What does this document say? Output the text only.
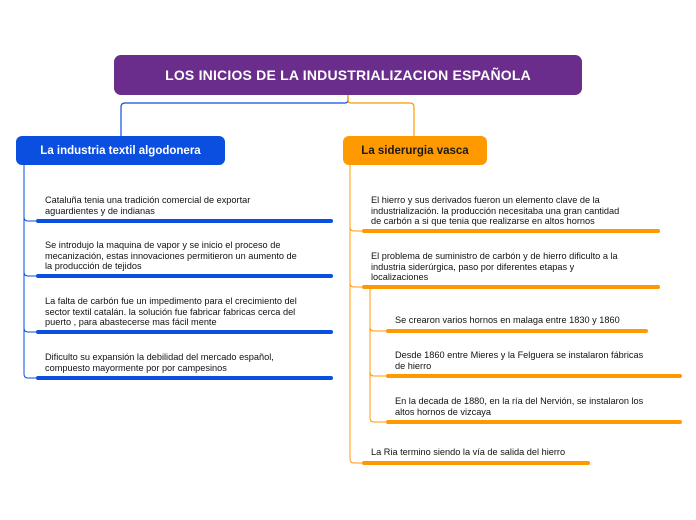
LOS INICIOS DE LA INDUSTRIALIZACION ESPAÑOLA
La industria textil algodonera	La siderurgia vasca
Cataluña tenia una tradición comercial de exportar
aguardientes y de indianas
Se introdujo la maquina de vapor y se inicio el proceso de
mecanización, estas innovaciones permitieron un aumento de
la producción de tejidos
La falta de carbón fue un impedimento para el crecimiento del
sector textil catalán. la solución fue fabricar fabricas cerca del
puerto , para abastecerse mas fácil mente
Dificulto su expansión la debilidad del mercado español,
compuesto mayormente por por campesinos
El hierro y sus derivados fueron un elemento clave de la
industrialización. la producción necesitaba una gran cantidad
de carbón a si que tenia que realizarse en altos hornos
El problema de suministro de carbón y de hierro dificulto a la
industria siderúrgica, paso por diferentes etapas y
localizaciones
Se crearon varios hornos en malaga entre 1830 y 1860
Desde 1860 entre Mieres y la Felguera se instalaron fábricas
de hierro
En la decada de 1880, en la ría del Nervión, se instalaron los
altos hornos de vizcaya
La Ria termino siendo la vía de salida del hierro
